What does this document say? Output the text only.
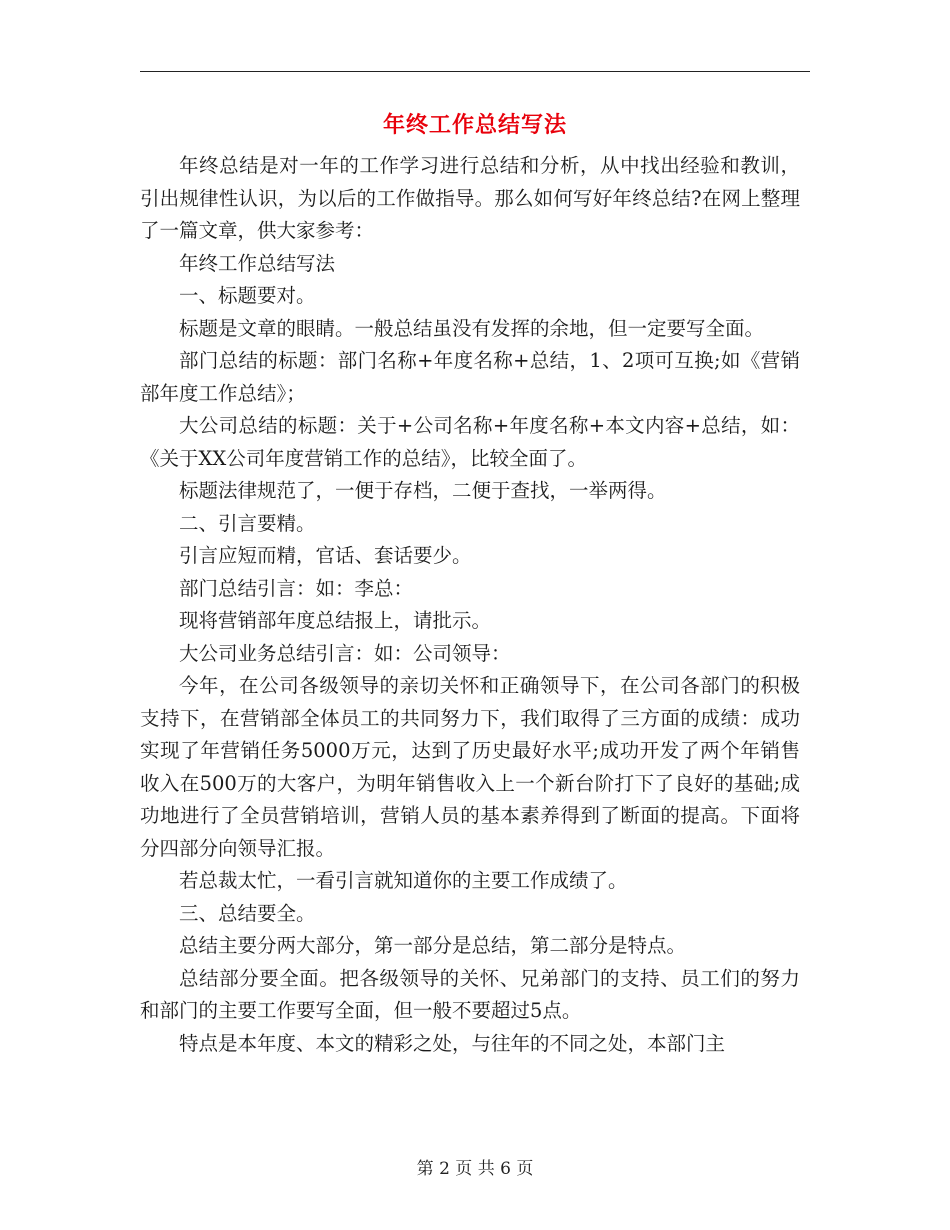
年终工作总结写法

年终总结是对一年的工作学习进行总结和分析，从中找出经验和教训，引出规律性认识，为以后的工作做指导。那么如何写好年终总结?在网上整理了一篇文章，供大家参考：

年终工作总结写法

一、标题要对。

标题是文章的眼睛。一般总结虽没有发挥的余地，但一定要写全面。

部门总结的标题：部门名称+年度名称+总结，1、2项可互换;如《营销部年度工作总结》；

大公司总结的标题：关于+公司名称+年度名称+本文内容+总结，如：《关于XX公司年度营销工作的总结》，比较全面了。

标题法律规范了，一便于存档，二便于查找，一举两得。

二、引言要精。

引言应短而精，官话、套话要少。

部门总结引言：如：李总：

现将营销部年度总结报上，请批示。

大公司业务总结引言：如：公司领导：

今年，在公司各级领导的亲切关怀和正确领导下，在公司各部门的积极支持下，在营销部全体员工的共同努力下，我们取得了三方面的成绩：成功实现了年营销任务5000万元，达到了历史最好水平;成功开发了两个年销售收入在500万的大客户，为明年销售收入上一个新台阶打下了良好的基础;成功地进行了全员营销培训，营销人员的基本素养得到了断面的提高。下面将分四部分向领导汇报。

若总裁太忙，一看引言就知道你的主要工作成绩了。

三、总结要全。

总结主要分两大部分，第一部分是总结，第二部分是特点。

总结部分要全面。把各级领导的关怀、兄弟部门的支持、员工们的努力和部门的主要工作要写全面，但一般不要超过5点。

特点是本年度、本文的精彩之处，与往年的不同之处，本部门主

第 2 页 共 6 页
